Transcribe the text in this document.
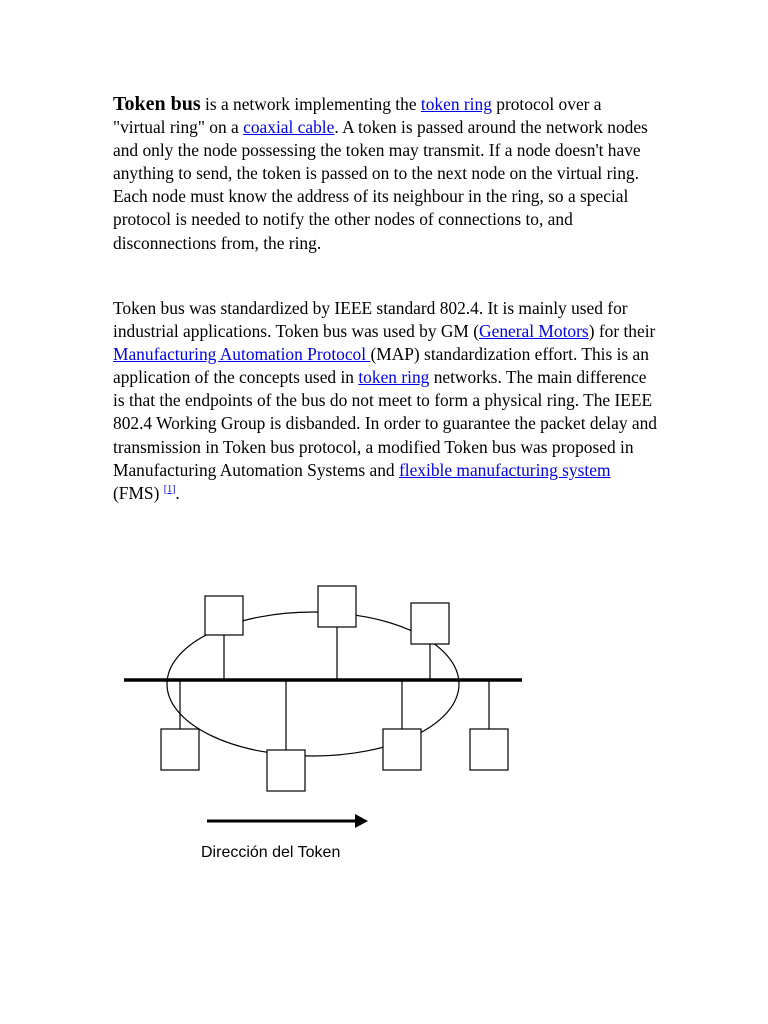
Token bus is a network implementing the token ring protocol over a "virtual ring" on a coaxial cable. A token is passed around the network nodes and only the node possessing the token may transmit. If a node doesn't have anything to send, the token is passed on to the next node on the virtual ring. Each node must know the address of its neighbour in the ring, so a special protocol is needed to notify the other nodes of connections to, and disconnections from, the ring.

Token bus was standardized by IEEE standard 802.4. It is mainly used for industrial applications. Token bus was used by GM (General Motors) for their Manufacturing Automation Protocol (MAP) standardization effort. This is an application of the concepts used in token ring networks. The main difference is that the endpoints of the bus do not meet to form a physical ring. The IEEE 802.4 Working Group is disbanded. In order to guarantee the packet delay and transmission in Token bus protocol, a modified Token bus was proposed in Manufacturing Automation Systems and flexible manufacturing system (FMS) [1].

Dirección del Token
